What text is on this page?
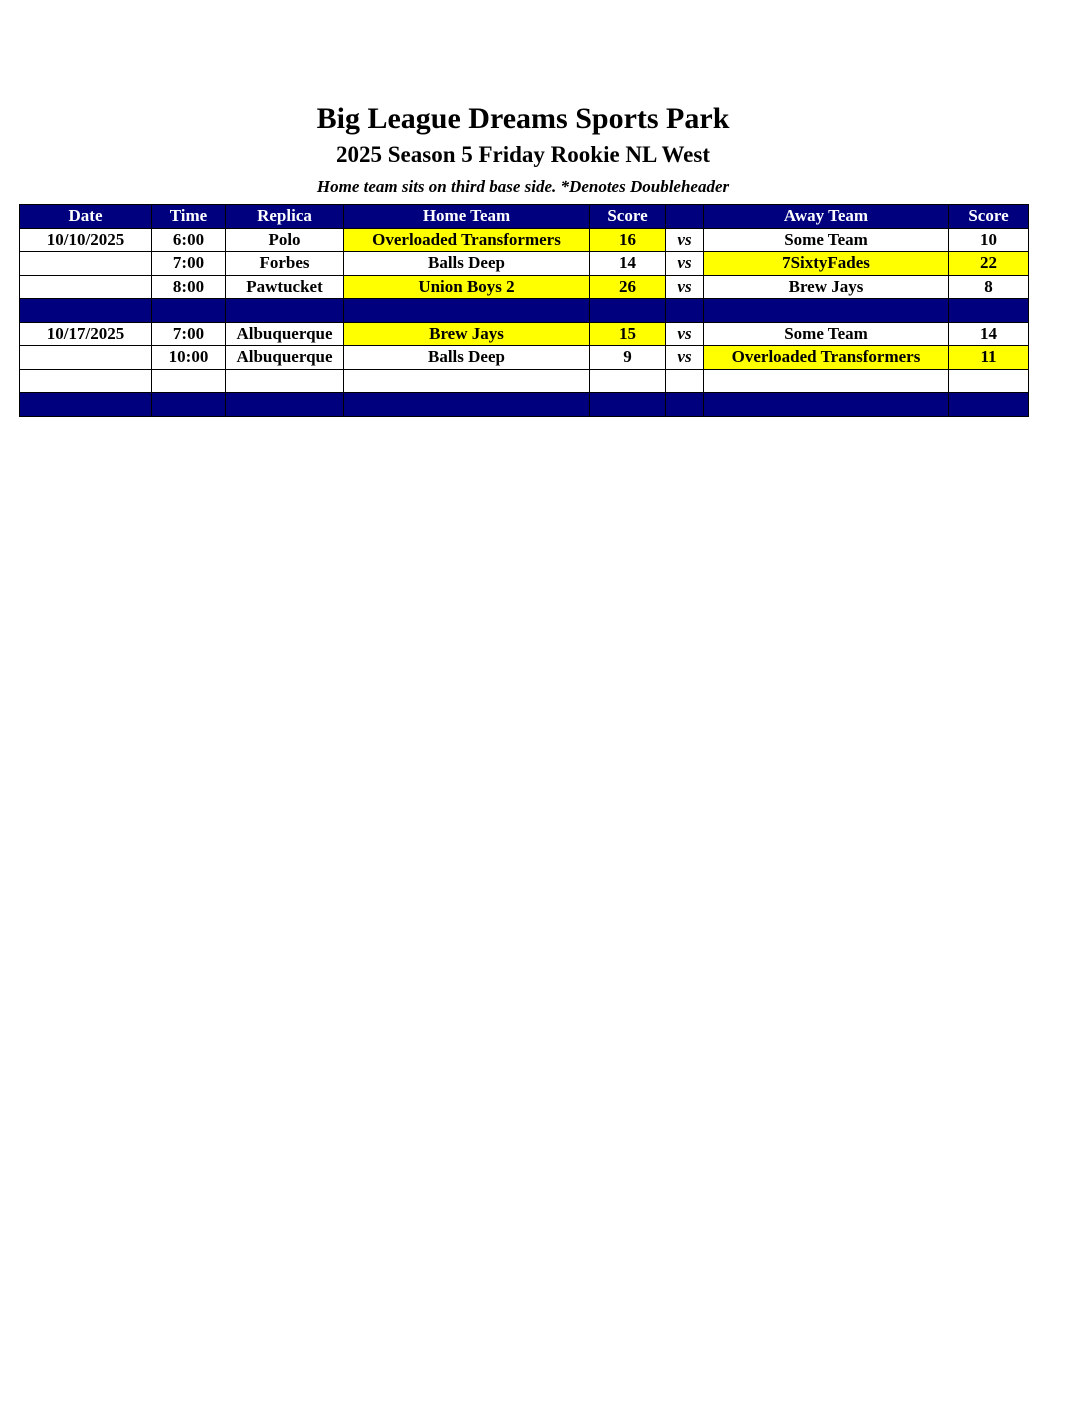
Big League Dreams Sports Park
2025 Season 5 Friday Rookie NL West
Home team sits on third base side. *Denotes Doubleheader
Date	Time	Replica	Home Team	Score		Away Team	Score
10/10/2025	6:00	Polo	Overloaded Transformers	16	vs	Some Team	10
	7:00	Forbes	Balls Deep	14	vs	7SixtyFades	22
	8:00	Pawtucket	Union Boys 2	26	vs	Brew Jays	8

10/17/2025	7:00	Albuquerque	Brew Jays	15	vs	Some Team	14
	10:00	Albuquerque	Balls Deep	9	vs	Overloaded Transformers	11
